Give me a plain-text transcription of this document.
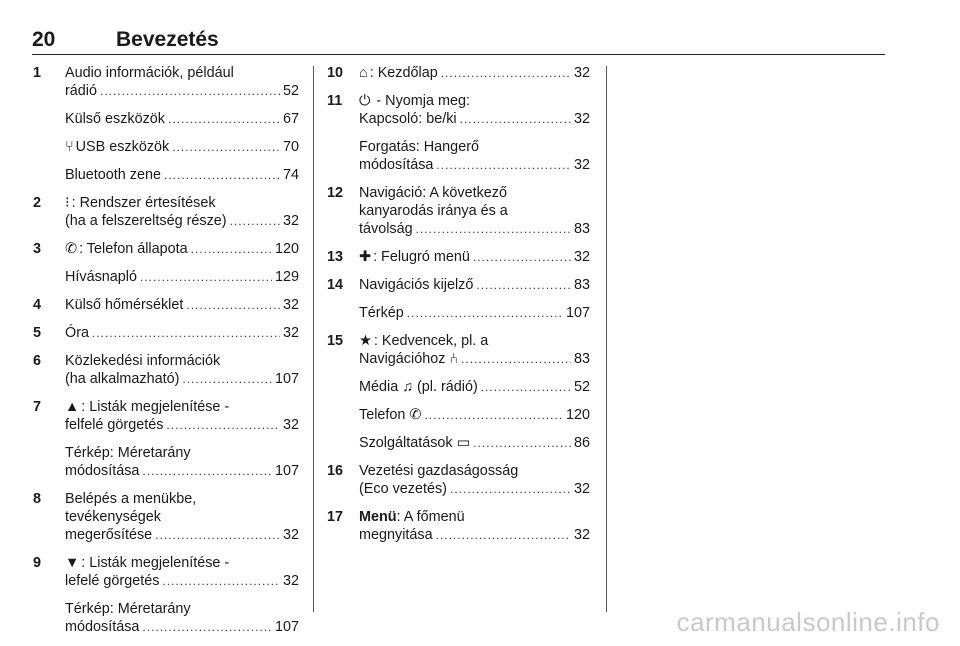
20	Bevezetés
1 Audio információk, például
rádió .....	52
Külső eszközök .....	67
⑂ USB eszközök .....	70
Bluetooth zene .....	74
2 ⁝ : Rendszer értesítések
(ha a felszereltség része) .....	32
3 ✆ : Telefon állapota .....	120
Hívásnapló .....	129
4 Külső hőmérséklet .....	32
5 Óra .....	32
6 Közlekedési információk
(ha alkalmazható) .....	107
7 ▲ : Listák megjelenítése -
felfelé görgetés .....	32
Térkép: Méretarány
módosítása .....	107
8 Belépés a menükbe,
tevékenységek
megerősítése .....	32
9 ▼ : Listák megjelenítése -
lefelé görgetés .....	32
Térkép: Méretarány
módosítása .....	107
10 ⌂ : Kezdőlap .....	32
11 ⏻ - Nyomja meg:
Kapcsoló: be/ki .....	32
Forgatás: Hangerő
módosítása .....	32
12 Navigáció: A következő
kanyarodás iránya és a
távolság .....	83
13 ✚ : Felugró menü .....	32
14 Navigációs kijelző .....	83
Térkép .....	107
15 ★ : Kedvencek, pl. a
Navigációhoz ⑃ .....	83
Média ♫ (pl. rádió) .....	52
Telefon ✆ .....	120
Szolgáltatások ▭ .....	86
16 Vezetési gazdaságosság
(Eco vezetés) .....	32
17 Menü: A főmenü
megnyitása .....	32
carmanualsonline.info
